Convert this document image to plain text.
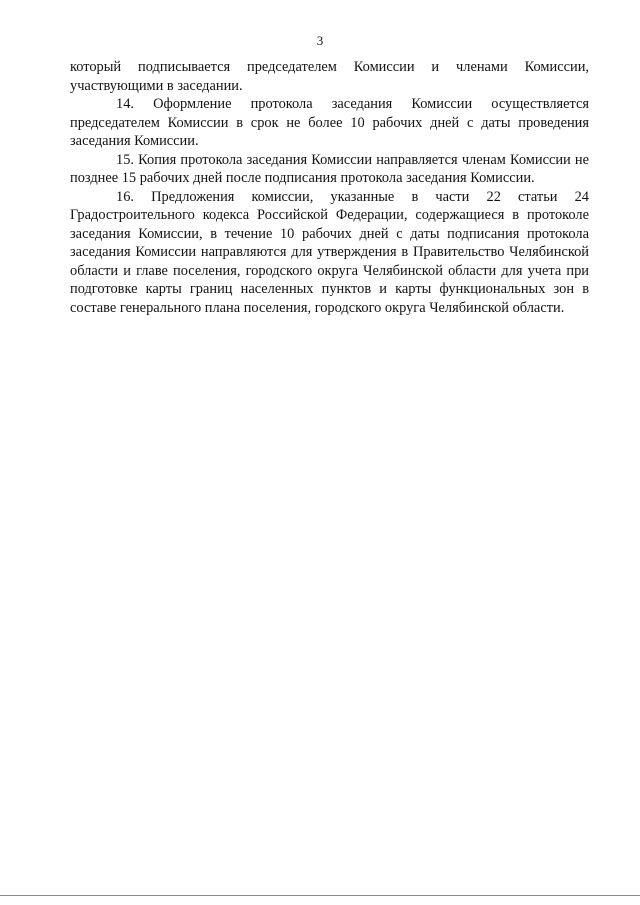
3

который подписывается председателем Комиссии и членами Комиссии, участвующими в заседании.

14. Оформление протокола заседания Комиссии осуществляется председателем Комиссии в срок не более 10 рабочих дней с даты проведения заседания Комиссии.

15. Копия протокола заседания Комиссии направляется членам Комиссии не позднее 15 рабочих дней после подписания протокола заседания Комиссии.

16. Предложения комиссии, указанные в части 22 статьи 24 Градостроительного кодекса Российской Федерации, содержащиеся в протоколе заседания Комиссии, в течение 10 рабочих дней с даты подписания протокола заседания Комиссии направляются для утверждения в Правительство Челябинской области и главе поселения, городского округа Челябинской области для учета при подготовке карты границ населенных пунктов и карты функциональных зон в составе генерального плана поселения, городского округа Челябинской области.
